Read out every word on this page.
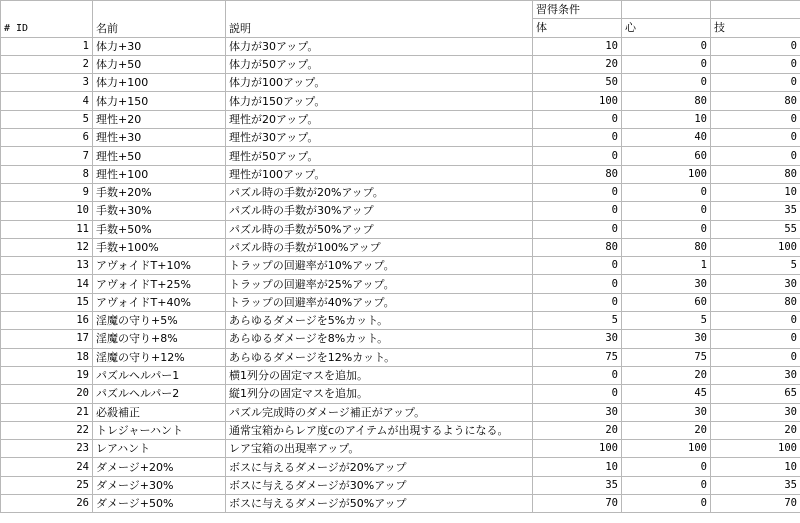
# ID	名前	説明	習得条件		
			体	心	技
1	体力+30	体力が30アップ。	10	0	0
2	体力+50	体力が50アップ。	20	0	0
3	体力+100	体力が100アップ。	50	0	0
4	体力+150	体力が150アップ。	100	80	80
5	理性+20	理性が20アップ。	0	10	0
6	理性+30	理性が30アップ。	0	40	0
7	理性+50	理性が50アップ。	0	60	0
8	理性+100	理性が100アップ。	80	100	80
9	手数+20%	パズル時の手数が20%アップ。	0	0	10
10	手数+30%	パズル時の手数が30%アップ	0	0	35
11	手数+50%	パズル時の手数が50%アップ	0	0	55
12	手数+100%	パズル時の手数が100%アップ	80	80	100
13	アヴォイドT+10%	トラップの回避率が10%アップ。	0	1	5
14	アヴォイドT+25%	トラップの回避率が25%アップ。	0	30	30
15	アヴォイドT+40%	トラップの回避率が40%アップ。	0	60	80
16	淫魔の守り+5%	あらゆるダメージを5%カット。	5	5	0
17	淫魔の守り+8%	あらゆるダメージを8%カット。	30	30	0
18	淫魔の守り+12%	あらゆるダメージを12%カット。	75	75	0
19	パズルヘルパー1	横1列分の固定マスを追加。	0	20	30
20	パズルヘルパー2	縦1列分の固定マスを追加。	0	45	65
21	必殺補正	パズル完成時のダメージ補正がアップ。	30	30	30
22	トレジャーハント	通常宝箱からレア度cのアイテムが出現するようになる。	20	20	20
23	レアハント	レア宝箱の出現率アップ。	100	100	100
24	ダメージ+20%	ボスに与えるダメージが20%アップ	10	0	10
25	ダメージ+30%	ボスに与えるダメージが30%アップ	35	0	35
26	ダメージ+50%	ボスに与えるダメージが50%アップ	70	0	70
